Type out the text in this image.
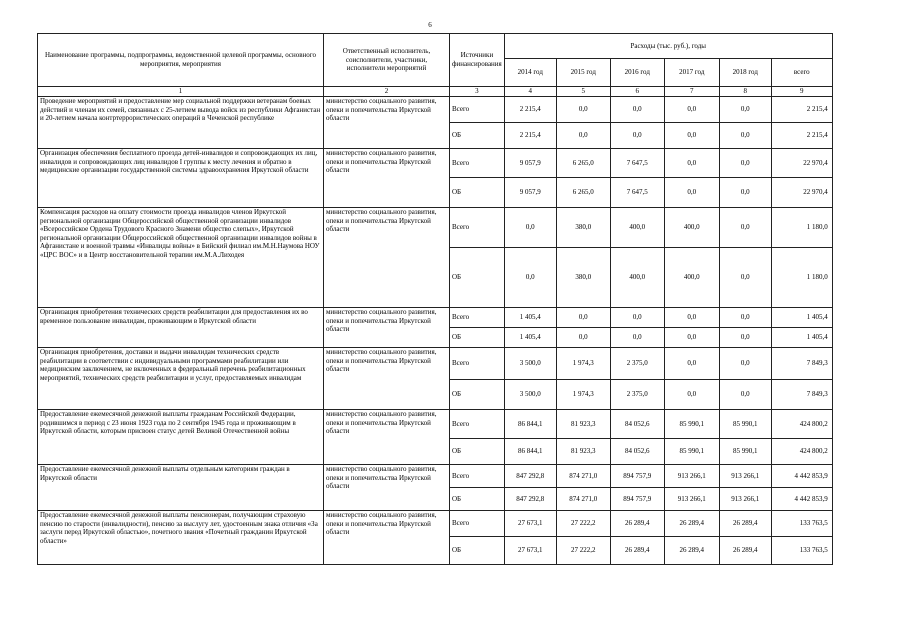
6
Наименование программы, подпрограммы, ведомственной целевой программы, основного мероприятия, мероприятия	Ответственный исполнитель, соисполнители, участники, исполнители мероприятий	Источники финансирования	Расходы (тыс. руб.), годы					
			2014 год	2015 год	2016 год	2017 год	2018 год	всего
1	2	3	4	5	6	7	8	9
Проведение мероприятий и предоставление мер социальной поддержки ветеранам боевых действий и членам их семей, связанных с 25-летием вывода войск из республики Афганистан и 20-летием начала контртеррористических операций в Чеченской республике	министерство социального развития, опеки и попечительства Иркутской области	Всего	2 215,4	0,0	0,0	0,0	0,0	2 215,4
		ОБ	2 215,4	0,0	0,0	0,0	0,0	2 215,4
Организация обеспечения бесплатного проезда детей-инвалидов и сопровождающих их лиц, инвалидов и сопровождающих лиц инвалидов I группы к месту лечения и обратно в медицинские организации государственной системы здравоохранения Иркутской области	министерство социального развития, опеки и попечительства Иркутской области	Всего	9 057,9	6 265,0	7 647,5	0,0	0,0	22 970,4
		ОБ	9 057,9	6 265,0	7 647,5	0,0	0,0	22 970,4
Компенсация расходов на оплату стоимости проезда инвалидов членов Иркутской региональной организации Общероссийской общественной организации инвалидов «Всероссийское Ордена Трудового Красного Знамени общество слепых», Иркутской региональной организации Общероссийской общественной организации инвалидов войны в Афганистане и военной травмы «Инвалиды войны» в Бийский филиал им.М.Н.Наумова НОУ «ЦРС ВОС» и в Центр восстановительной терапии им.М.А.Лиходея	министерство социального развития, опеки и попечительства Иркутской области	Всего	0,0	380,0	400,0	400,0	0,0	1 180,0
		ОБ	0,0	380,0	400,0	400,0	0,0	1 180,0
Организация приобретения технических средств реабилитации для предоставления их во временное пользование инвалидам, проживающим в Иркутской области	министерство социального развития, опеки и попечительства Иркутской области	Всего	1 405,4	0,0	0,0	0,0	0,0	1 405,4
		ОБ	1 405,4	0,0	0,0	0,0	0,0	1 405,4
Организация приобретения, доставки и выдачи инвалидам технических средств реабилитации в соответствии с индивидуальными программами реабилитации или медицинским заключением, не включенных в федеральный перечень реабилитационных мероприятий, технических средств реабилитации и услуг, предоставляемых инвалидам	министерство социального развития, опеки и попечительства Иркутской области	Всего	3 500,0	1 974,3	2 375,0	0,0	0,0	7 849,3
		ОБ	3 500,0	1 974,3	2 375,0	0,0	0,0	7 849,3
Предоставление ежемесячной денежной выплаты гражданам Российской Федерации, родившимся в период с 23 июня 1923 года по 2 сентября 1945 года и проживающим в Иркутской области, которым присвоен статус детей Великой Отечественной войны	министерство социального развития, опеки и попечительства Иркутской области	Всего	86 844,1	81 923,3	84 052,6	85 990,1	85 990,1	424 800,2
		ОБ	86 844,1	81 923,3	84 052,6	85 990,1	85 990,1	424 800,2
Предоставление ежемесячной денежной выплаты отдельным категориям граждан в Иркутской области	министерство социального развития, опеки и попечительства Иркутской области	Всего	847 292,8	874 271,0	894 757,9	913 266,1	913 266,1	4 442 853,9
		ОБ	847 292,8	874 271,0	894 757,9	913 266,1	913 266,1	4 442 853,9
Предоставление ежемесячной денежной выплаты пенсионерам, получающим страховую пенсию по старости (инвалидности), пенсию за выслугу лет, удостоенным знака отличия «За заслуги перед Иркутской областью», почетного звания «Почетный гражданин Иркутской области»	министерство социального развития, опеки и попечительства Иркутской области	Всего	27 673,1	27 222,2	26 289,4	26 289,4	26 289,4	133 763,5
		ОБ	27 673,1	27 222,2	26 289,4	26 289,4	26 289,4	133 763,5
